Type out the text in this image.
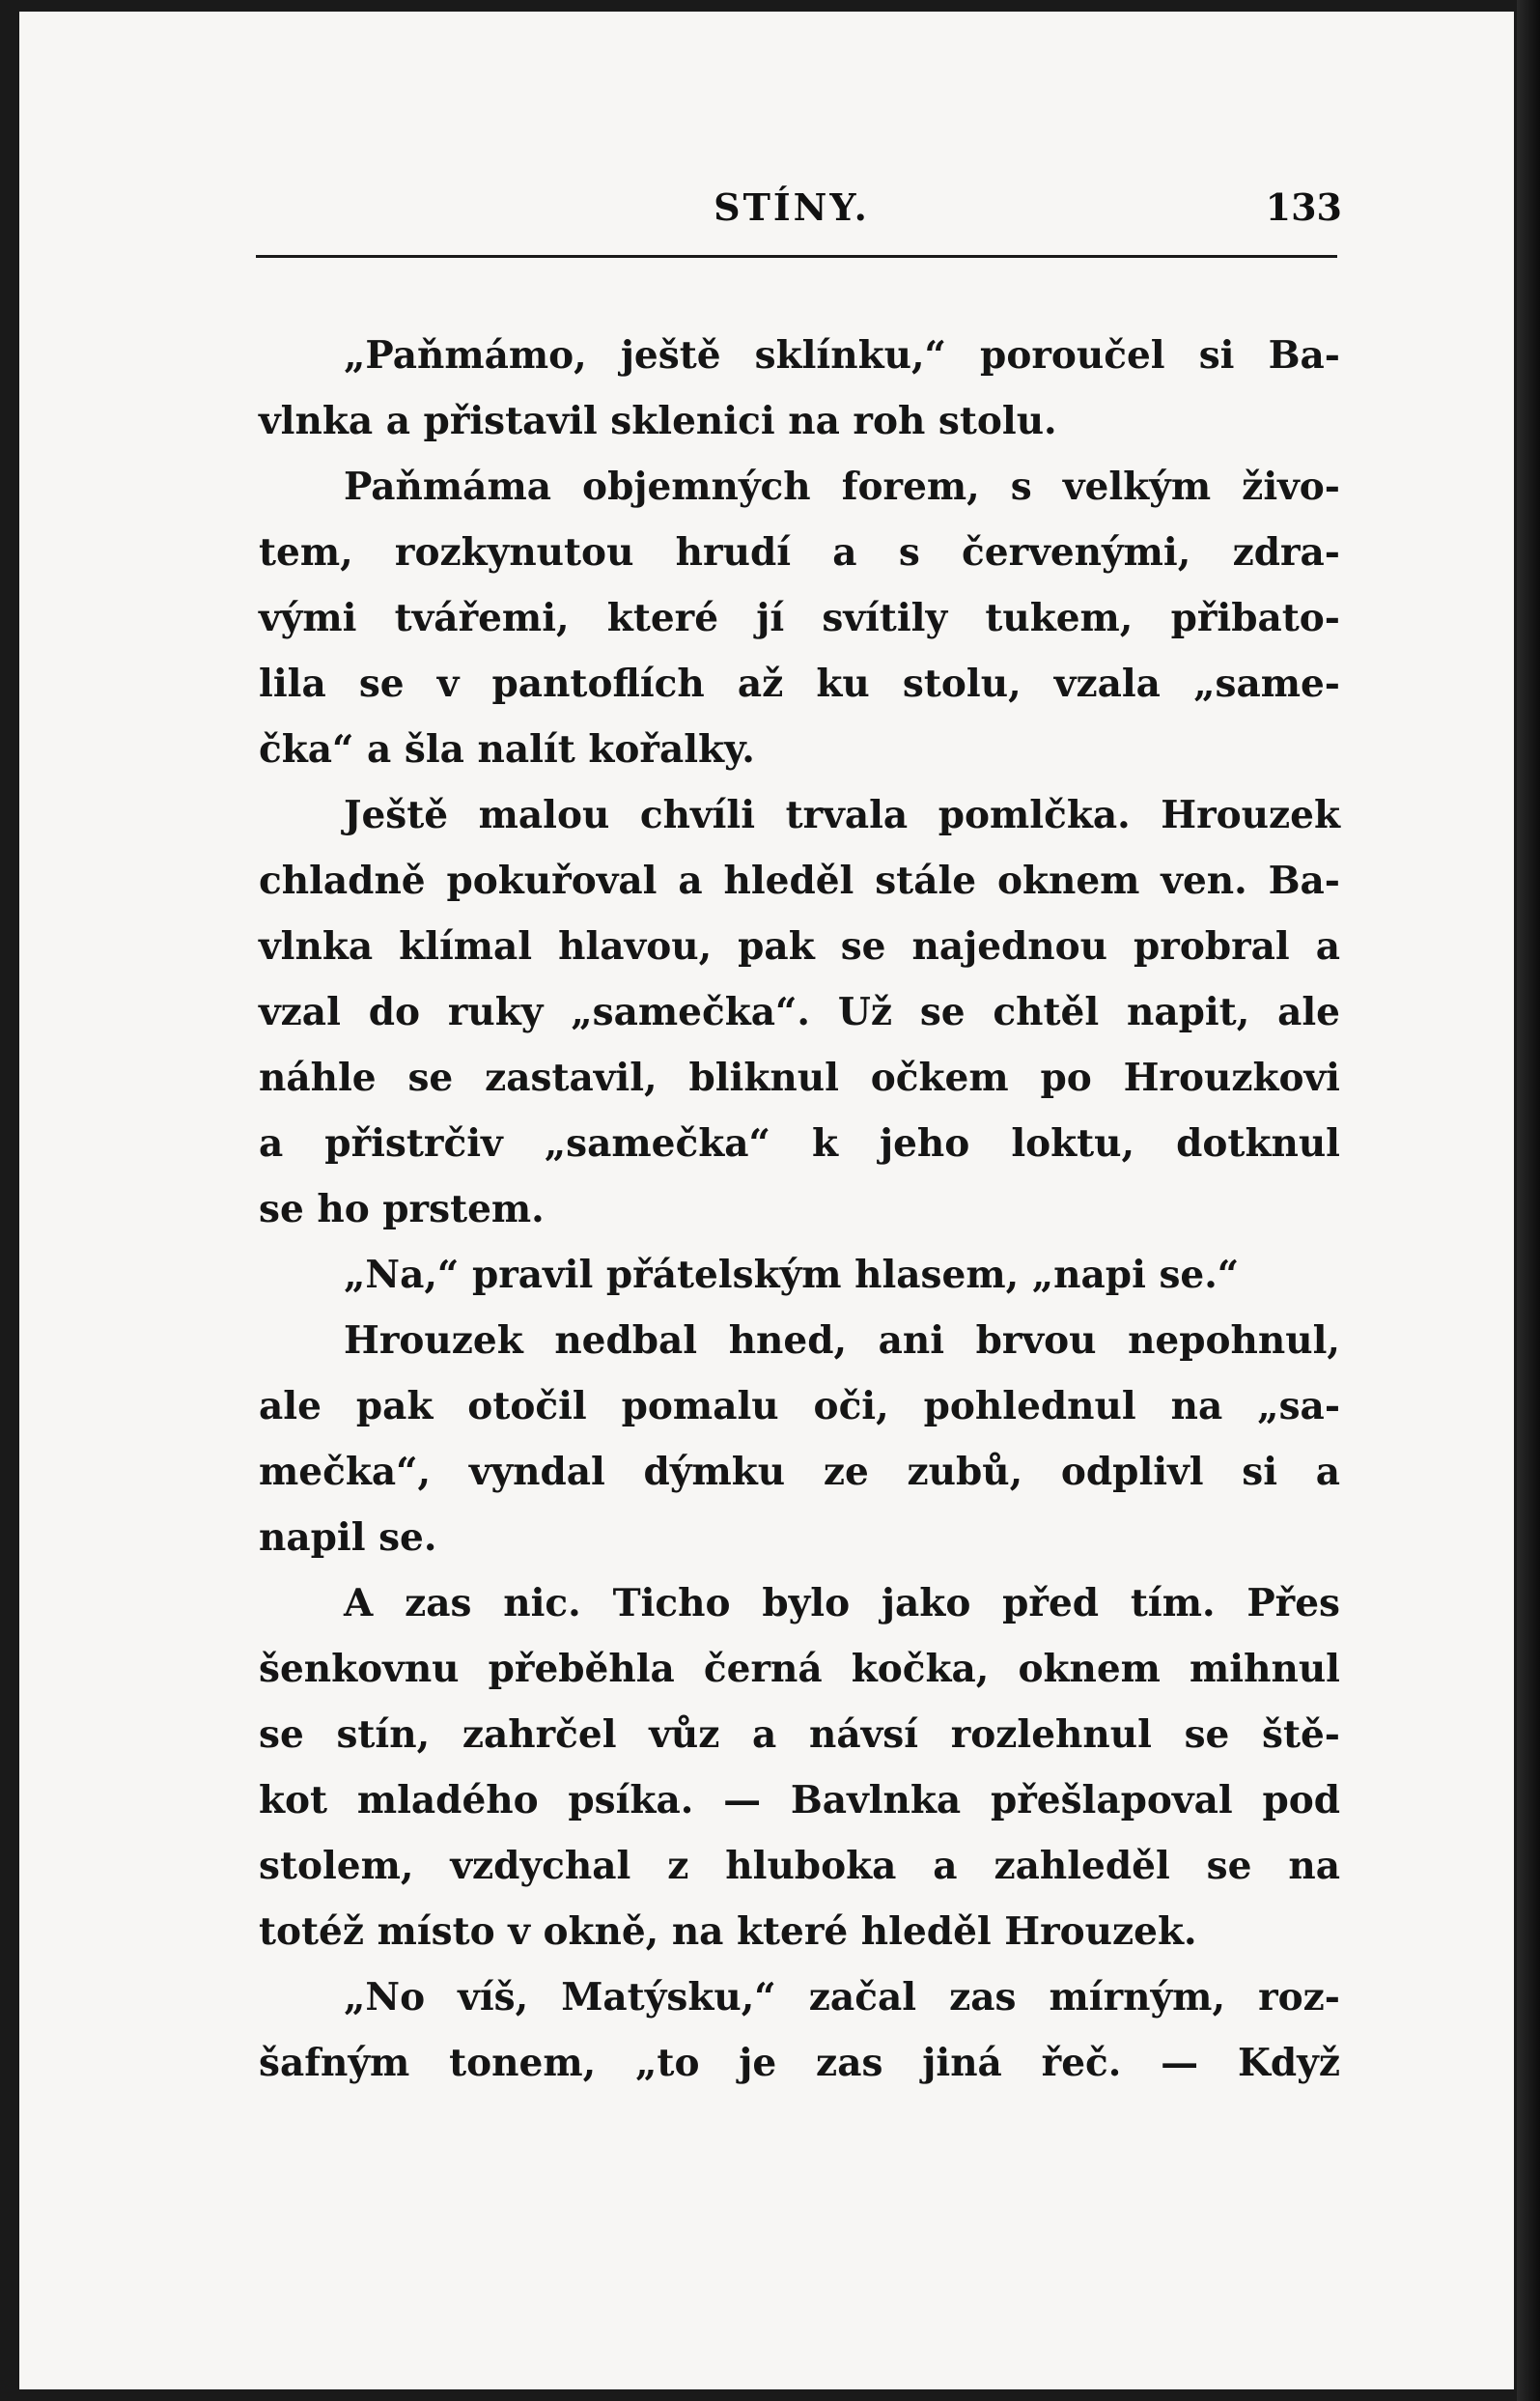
STÍNY.	133
„Paňmámo, ještě sklínku,“ poroučel si Ba-
vlnka a přistavil sklenici na roh stolu.
Paňmáma objemných forem, s velkým živo-
tem, rozkynutou hrudí a s červenými, zdra-
vými tvářemi, které jí svítily tukem, přibato-
lila se v pantoflích až ku stolu, vzala „same-
čka“ a šla nalít kořalky.
Ještě malou chvíli trvala pomlčka. Hrouzek
chladně pokuřoval a hleděl stále oknem ven. Ba-
vlnka klímal hlavou, pak se najednou probral a
vzal do ruky „samečka“. Už se chtěl napit, ale
náhle se zastavil, bliknul očkem po Hrouzkovi
a přistrčiv „samečka“ k jeho loktu, dotknul
se ho prstem.
„Na,“ pravil přátelským hlasem, „napi se.“
Hrouzek nedbal hned, ani brvou nepohnul,
ale pak otočil pomalu oči, pohlednul na „sa-
mečka“, vyndal dýmku ze zubů, odplivl si a
napil se.
A zas nic. Ticho bylo jako před tím. Přes
šenkovnu přeběhla černá kočka, oknem mihnul
se stín, zahrčel vůz a návsí rozlehnul se ště-
kot mladého psíka. — Bavlnka přešlapoval pod
stolem, vzdychal z hluboka a zahleděl se na
totéž místo v okně, na které hleděl Hrouzek.
„No víš, Matýsku,“ začal zas mírným, roz-
šafným tonem, „to je zas jiná řeč. — Když
